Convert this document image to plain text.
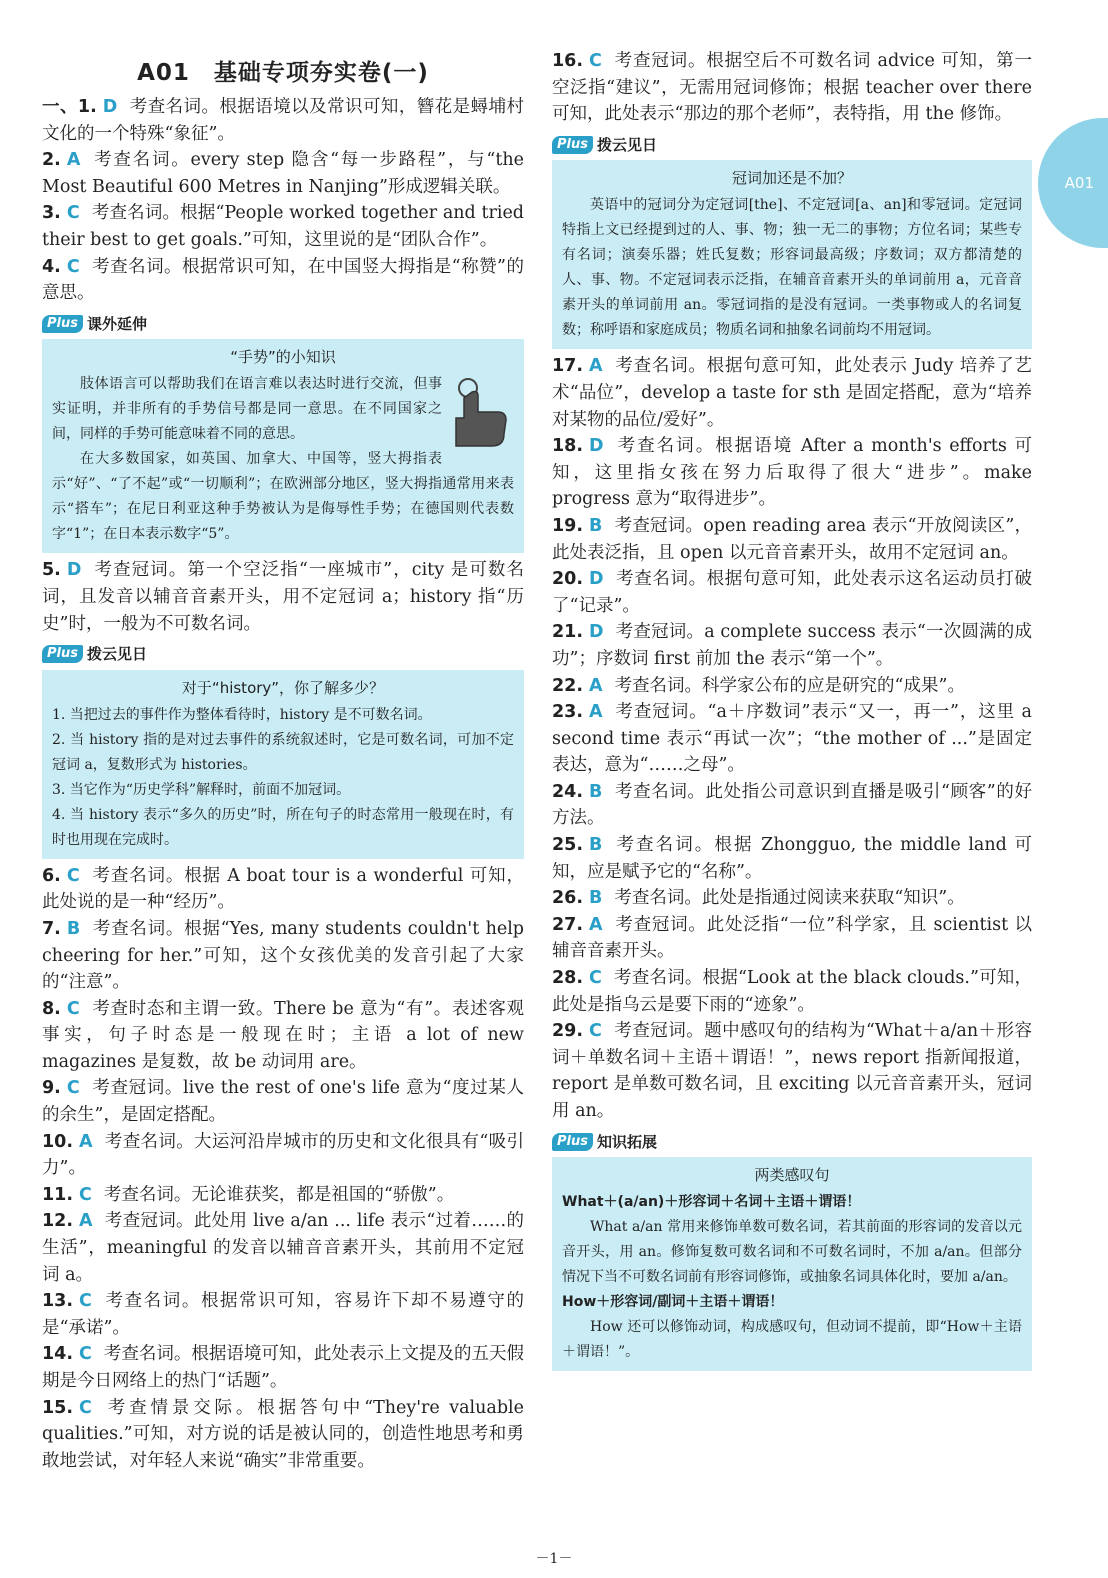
A01
A01　基础专项夯实卷(一)
一、1. D 考查名词。根据语境以及常识可知，簪花是蟳埔村文化的一个特殊“象征”。
2. A 考查名词。every step 隐含“每一步路程”，与“the Most Beautiful 600 Metres in Nanjing”形成逻辑关联。
3. C 考查名词。根据“People worked together and tried their best to get goals.”可知，这里说的是“团队合作”。
4. C 考查名词。根据常识可知，在中国竖大拇指是“称赞”的意思。
Plus 课外延伸
“手势”的小知识

肢体语言可以帮助我们在语言难以表达时进行交流，但事实证明，并非所有的手势信号都是同一意思。在不同国家之间，同样的手势可能意味着不同的意思。

在大多数国家，如英国、加拿大、中国等，竖大拇指表示“好”、“了不起”或“一切顺利”；在欧洲部分地区，竖大拇指通常用来表示“搭车”；在尼日利亚这种手势被认为是侮辱性手势；在德国则代表数字“1”；在日本表示数字“5”。

5. D 考查冠词。第一个空泛指“一座城市”，city 是可数名词，且发音以辅音音素开头，用不定冠词 a；history 指“历史”时，一般为不可数名词。
Plus 拨云见日
对于“history”，你了解多少？

1. 当把过去的事件作为整体看待时，history 是不可数名词。

2. 当 history 指的是对过去事件的系统叙述时，它是可数名词，可加不定冠词 a，复数形式为 histories。

3. 当它作为“历史学科”解释时，前面不加冠词。

4. 当 history 表示“多久的历史”时，所在句子的时态常用一般现在时，有时也用现在完成时。

6. C 考查名词。根据 A boat tour is a wonderful 可知，此处说的是一种“经历”。
7. B 考查名词。根据“Yes, many students couldn't help cheering for her.”可知，这个女孩优美的发音引起了大家的“注意”。
8. C 考查时态和主谓一致。There be 意为“有”。表述客观事实，句子时态是一般现在时；主语 a lot of new magazines 是复数，故 be 动词用 are。
9. C 考查冠词。live the rest of one's life 意为“度过某人的余生”，是固定搭配。
10. A 考查名词。大运河沿岸城市的历史和文化很具有“吸引力”。
11. C 考查名词。无论谁获奖，都是祖国的“骄傲”。
12. A 考查冠词。此处用 live a/an ... life 表示“过着……的生活”，meaningful 的发音以辅音音素开头，其前用不定冠词 a。
13. C 考查名词。根据常识可知，容易许下却不易遵守的是“承诺”。
14. C 考查名词。根据语境可知，此处表示上文提及的五天假期是今日网络上的热门“话题”。
15. C 考查情景交际。根据答句中“They're valuable qualities.”可知，对方说的话是被认同的，创造性地思考和勇敢地尝试，对年轻人来说“确实”非常重要。
16. C 考查冠词。根据空后不可数名词 advice 可知，第一空泛指“建议”，无需用冠词修饰；根据 teacher over there 可知，此处表示“那边的那个老师”，表特指，用 the 修饰。
Plus 拨云见日
冠词加还是不加？

英语中的冠词分为定冠词[the]、不定冠词[a、an]和零冠词。定冠词特指上文已经提到过的人、事、物；独一无二的事物；方位名词；某些专有名词；演奏乐器；姓氏复数；形容词最高级；序数词；双方都清楚的人、事、物。不定冠词表示泛指，在辅音音素开头的单词前用 a，元音音素开头的单词前用 an。零冠词指的是没有冠词。一类事物或人的名词复数；称呼语和家庭成员；物质名词和抽象名词前均不用冠词。

17. A 考查名词。根据句意可知，此处表示 Judy 培养了艺术“品位”，develop a taste for sth 是固定搭配，意为“培养对某物的品位/爱好”。
18. D 考查名词。根据语境 After a month's efforts 可知，这里指女孩在努力后取得了很大“进步”。make progress 意为“取得进步”。
19. B 考查冠词。open reading area 表示“开放阅读区”，此处表泛指，且 open 以元音音素开头，故用不定冠词 an。
20. D 考查名词。根据句意可知，此处表示这名运动员打破了“记录”。
21. D 考查冠词。a complete success 表示“一次圆满的成功”；序数词 first 前加 the 表示“第一个”。
22. A 考查名词。科学家公布的应是研究的“成果”。
23. A 考查冠词。“a＋序数词”表示“又一，再一”，这里 a second time 表示“再试一次”；“the mother of ...”是固定表达，意为“……之母”。
24. B 考查名词。此处指公司意识到直播是吸引“顾客”的好方法。
25. B 考查名词。根据 Zhongguo, the middle land 可知，应是赋予它的“名称”。
26. B 考查名词。此处是指通过阅读来获取“知识”。
27. A 考查冠词。此处泛指“一位”科学家，且 scientist 以辅音音素开头。
28. C 考查名词。根据“Look at the black clouds.”可知，此处是指乌云是要下雨的“迹象”。
29. C 考查冠词。题中感叹句的结构为“What＋a/an＋形容词＋单数名词＋主语＋谓语！”，news report 指新闻报道，report 是单数可数名词，且 exciting 以元音音素开头，冠词用 an。
Plus 知识拓展
两类感叹句

What＋(a/an)＋形容词＋名词＋主语＋谓语！

What a/an 常用来修饰单数可数名词，若其前面的形容词的发音以元音开头，用 an。修饰复数可数名词和不可数名词时，不加 a/an。但部分情况下当不可数名词前有形容词修饰，或抽象名词具体化时，要加 a/an。

How＋形容词/副词＋主语＋谓语！

How 还可以修饰动词，构成感叹句，但动词不提前，即“How＋主语＋谓语！”。

－1－
